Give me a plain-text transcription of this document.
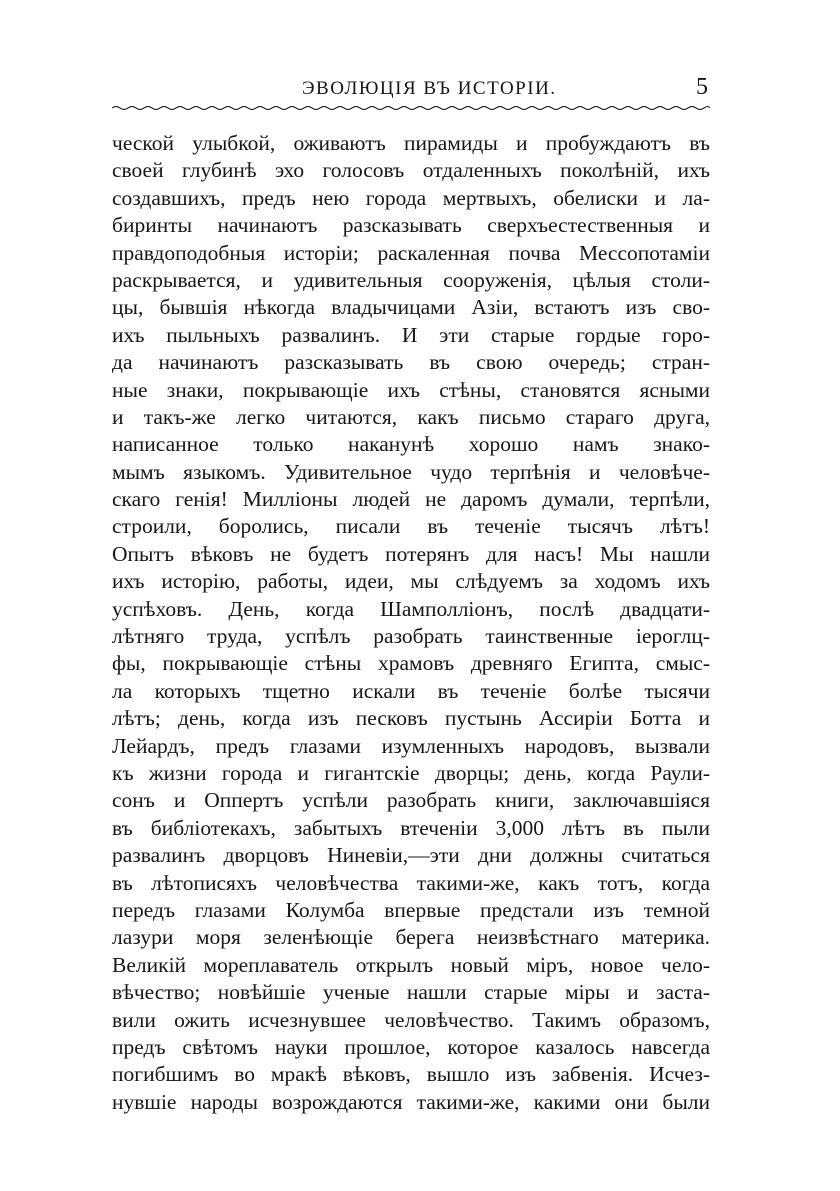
ЭВОЛЮЦІЯ ВЪ ИСТОРІИ.	5
ческой улыбкой, оживаютъ пирамиды и пробуждаютъ въ
своей глубинѣ эхо голосовъ отдаленныхъ поколѣній, ихъ
создавшихъ, предъ нею города мертвыхъ, обелиски и ла-
биринты начинаютъ разсказывать сверхъестественныя и
правдоподобныя исторіи; раскаленная почва Мессопотаміи
раскрывается, и удивительныя сооруженія, цѣлыя столи-
цы, бывшія нѣкогда владычицами Азіи, встаютъ изъ сво-
ихъ пыльныхъ развалинъ. И эти старые гордые горо-
да начинаютъ разсказывать въ свою очередь; стран-
ные знаки, покрывающіе ихъ стѣны, становятся ясными
и такъ-же легко читаются, какъ письмо стараго друга,
написанное только наканунѣ хорошо намъ знако-
мымъ языкомъ. Удивительное чудо терпѣнія и человѣче-
скаго генія! Милліоны людей не даромъ думали, терпѣли,
строили, боролись, писали въ теченіе тысячъ лѣтъ!
Опытъ вѣковъ не будетъ потерянъ для насъ! Мы нашли
ихъ исторію, работы, идеи, мы слѣдуемъ за ходомъ ихъ
успѣховъ. День, когда Шамполліонъ, послѣ двадцати-
лѣтняго труда, успѣлъ разобрать таинственные іероглц-
фы, покрывающіе стѣны храмовъ древняго Египта, смыс-
ла которыхъ тщетно искали въ теченіе болѣе тысячи
лѣтъ; день, когда изъ песковъ пустынь Ассиріи Ботта и
Лейардъ, предъ глазами изумленныхъ народовъ, вызвали
къ жизни города и гигантскіе дворцы; день, когда Раули-
сонъ и Оппертъ успѣли разобрать книги, заключавшіяся
въ библіотекахъ, забытыхъ втеченіи 3,000 лѣтъ въ пыли
развалинъ дворцовъ Ниневіи,—эти дни должны считаться
въ лѣтописяхъ человѣчества такими-же, какъ тотъ, когда
передъ глазами Колумба впервые предстали изъ темной
лазури моря зеленѣющіе берега неизвѣстнаго материка.
Великій мореплаватель открылъ новый міръ, новое чело-
вѣчество; новѣйшіе ученые нашли старые міры и заста-
вили ожить исчезнувшее человѣчество. Такимъ образомъ,
предъ свѣтомъ науки прошлое, которое казалось навсегда
погибшимъ во мракѣ вѣковъ, вышло изъ забвенія. Исчез-
нувшіе народы возрождаются такими-же, какими они были
